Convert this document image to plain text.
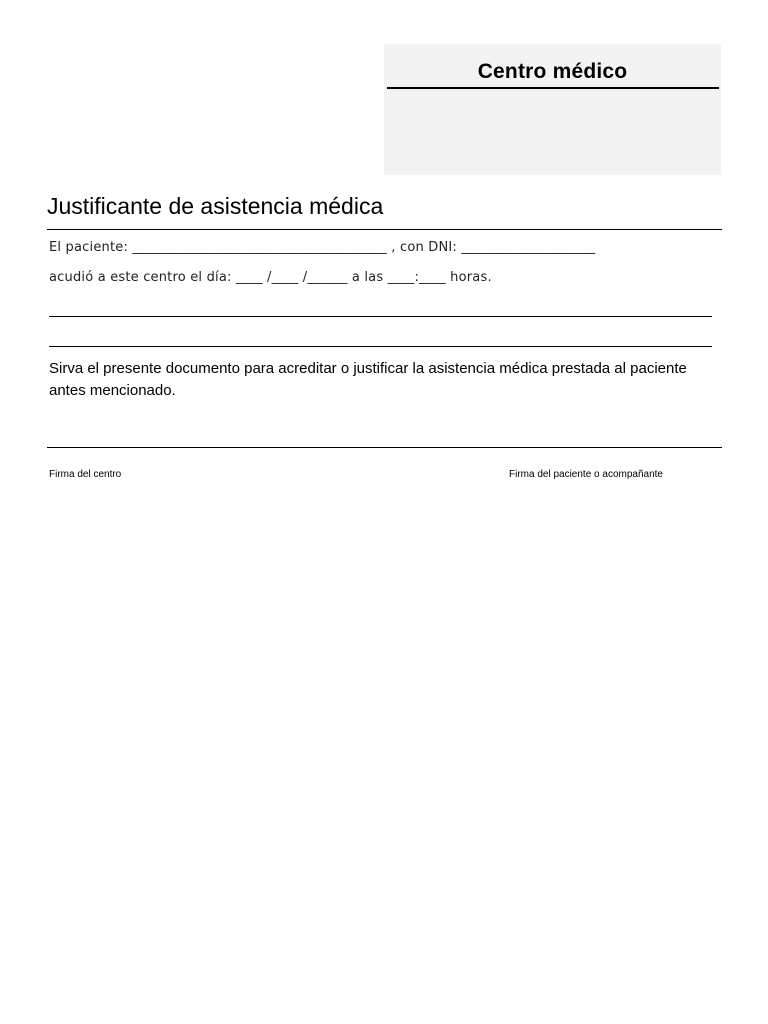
Centro médico
Justificante de asistencia médica
El paciente: ______________________________________ , con DNI: ____________________
acudió a este centro el día: ____ /____ /______ a las ____:____ horas.
Sirva el presente documento para acreditar o justificar la asistencia médica prestada al paciente antes mencionado.
Firma del centro	Firma del paciente o acompañante
